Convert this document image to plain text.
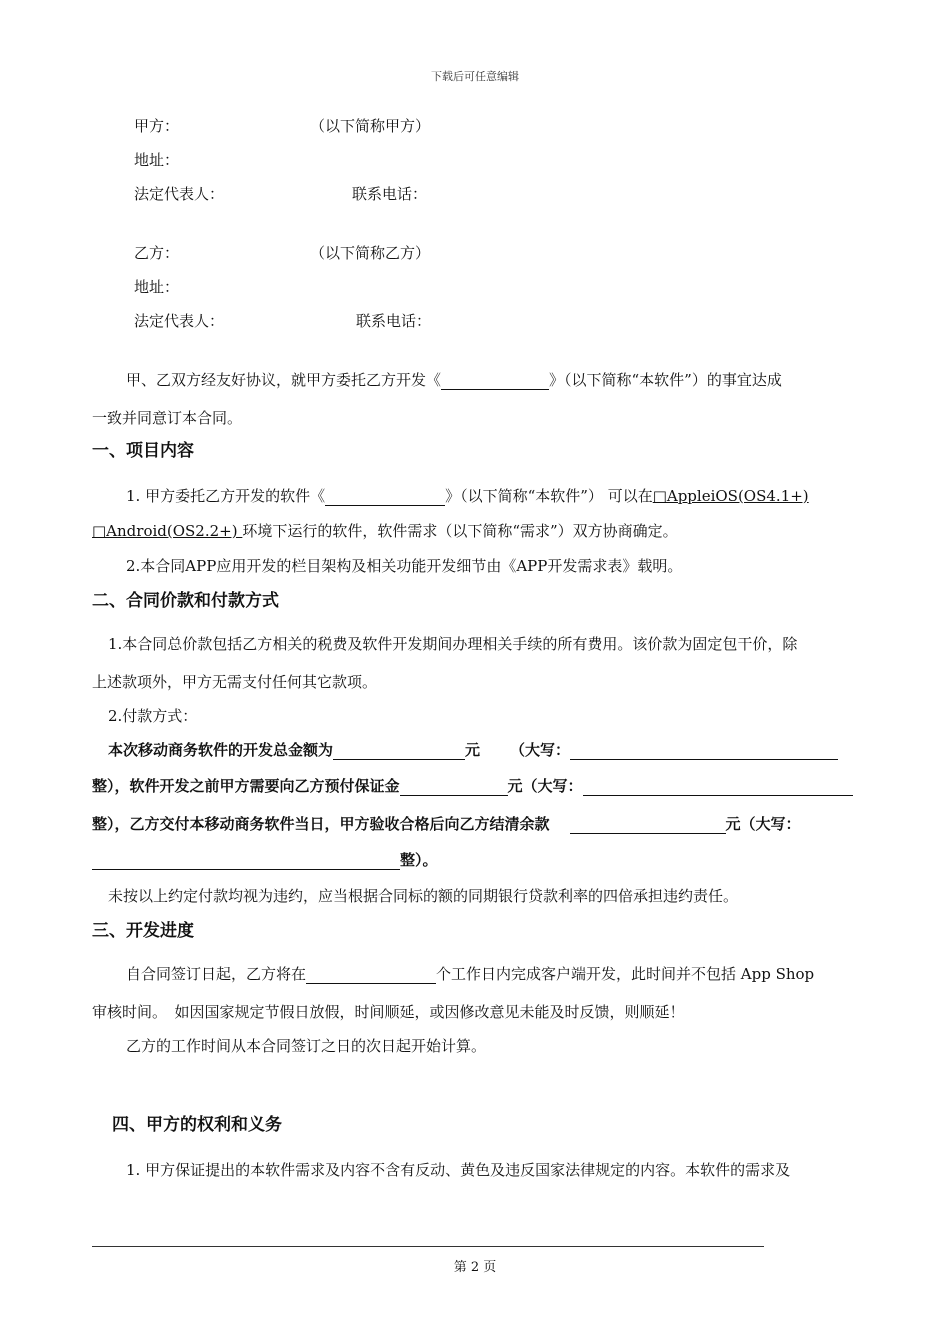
下载后可任意编辑
甲方：	（以下简称甲方）
地址：
法定代表人：	联系电话：
乙方：	（以下简称乙方）
地址：
法定代表人：	联系电话：
甲、乙双方经友好协议，就甲方委托乙方开发《	》（以下简称“本软件”）的事宜达成
一致并同意订本合同。
一、项目内容
1. 甲方委托乙方开发的软件《	》（以下简称“本软件”） 可以在□AppleiOS(OS4.1+)
□Android(OS2.2+) 环境下运行的软件，软件需求（以下简称“需求”）双方协商确定。
2.本合同APP应用开发的栏目架构及相关功能开发细节由《APP开发需求表》载明。
二、合同价款和付款方式
1.本合同总价款包括乙方相关的税费及软件开发期间办理相关手续的所有费用。该价款为固定包干价，除
上述款项外，甲方无需支付任何其它款项。
2.付款方式：
本次移动商务软件的开发总金额为	元 （大写：
整），软件开发之前甲方需要向乙方预付保证金	元（大写：
整），乙方交付本移动商务软件当日，甲方验收合格后向乙方结清余款	元（大写：
整）。
未按以上约定付款均视为违约，应当根据合同标的额的同期银行贷款利率的四倍承担违约责任。
三、开发进度
自合同签订日起，乙方将在	个工作日内完成客户端开发，此时间并不包括 App Shop
审核时间。　如因国家规定节假日放假，时间顺延，或因修改意见未能及时反馈，则顺延！
乙方的工作时间从本合同签订之日的次日起开始计算。
四、甲方的权利和义务
1. 甲方保证提出的本软件需求及内容不含有反动、黄色及违反国家法律规定的内容。本软件的需求及
第 2 页
